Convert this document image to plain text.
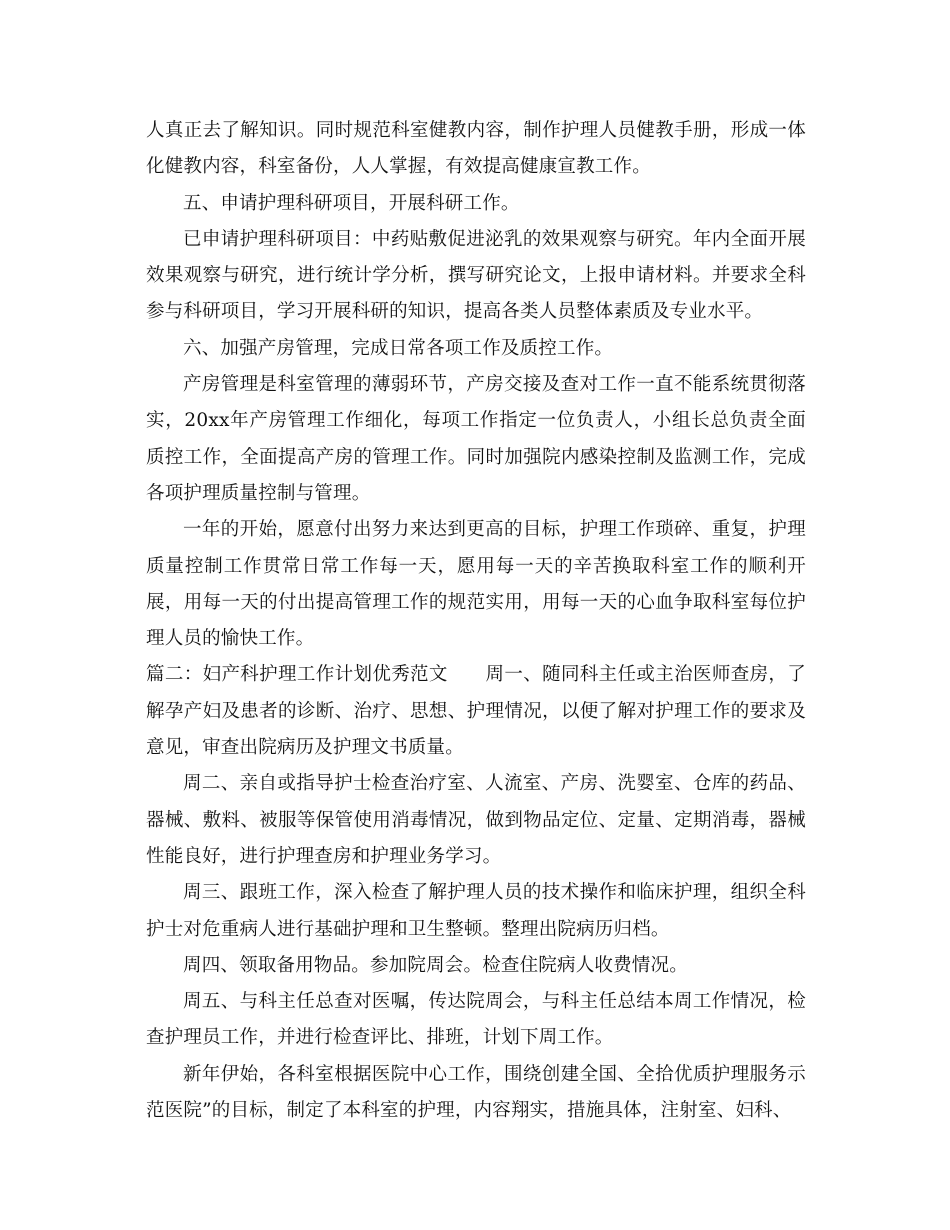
人真正去了解知识。同时规范科室健教内容，制作护理人员健教手册，形成一体化健教内容，科室备份，人人掌握，有效提高健康宣教工作。

五、申请护理科研项目，开展科研工作。

已申请护理科研项目：中药贴敷促进泌乳的效果观察与研究。年内全面开展效果观察与研究，进行统计学分析，撰写研究论文，上报申请材料。并要求全科参与科研项目，学习开展科研的知识，提高各类人员整体素质及专业水平。

六、加强产房管理，完成日常各项工作及质控工作。

产房管理是科室管理的薄弱环节，产房交接及查对工作一直不能系统贯彻落实，20xx年产房管理工作细化，每项工作指定一位负责人，小组长总负责全面质控工作，全面提高产房的管理工作。同时加强院内感染控制及监测工作，完成各项护理质量控制与管理。

一年的开始，愿意付出努力来达到更高的目标，护理工作琐碎、重复，护理质量控制工作贯常日常工作每一天，愿用每一天的辛苦换取科室工作的顺利开展，用每一天的付出提高管理工作的规范实用，用每一天的心血争取科室每位护理人员的愉快工作。

篇二：妇产科护理工作计划优秀范文　　周一、随同科主任或主治医师查房，了解孕产妇及患者的诊断、治疗、思想、护理情况，以便了解对护理工作的要求及意见，审查出院病历及护理文书质量。

周二、亲自或指导护士检查治疗室、人流室、产房、洗婴室、仓库的药品、器械、敷料、被服等保管使用消毒情况，做到物品定位、定量、定期消毒，器械性能良好，进行护理查房和护理业务学习。

周三、跟班工作，深入检查了解护理人员的技术操作和临床护理，组织全科护士对危重病人进行基础护理和卫生整顿。整理出院病历归档。

周四、领取备用物品。参加院周会。检查住院病人收费情况。

周五、与科主任总查对医嘱，传达院周会，与科主任总结本周工作情况，检查护理员工作，并进行检查评比、排班，计划下周工作。

新年伊始，各科室根据医院中心工作，围绕创建全国、全拾优质护理服务示范医院”的目标，制定了本科室的护理，内容翔实，措施具体，注射室、妇科、
